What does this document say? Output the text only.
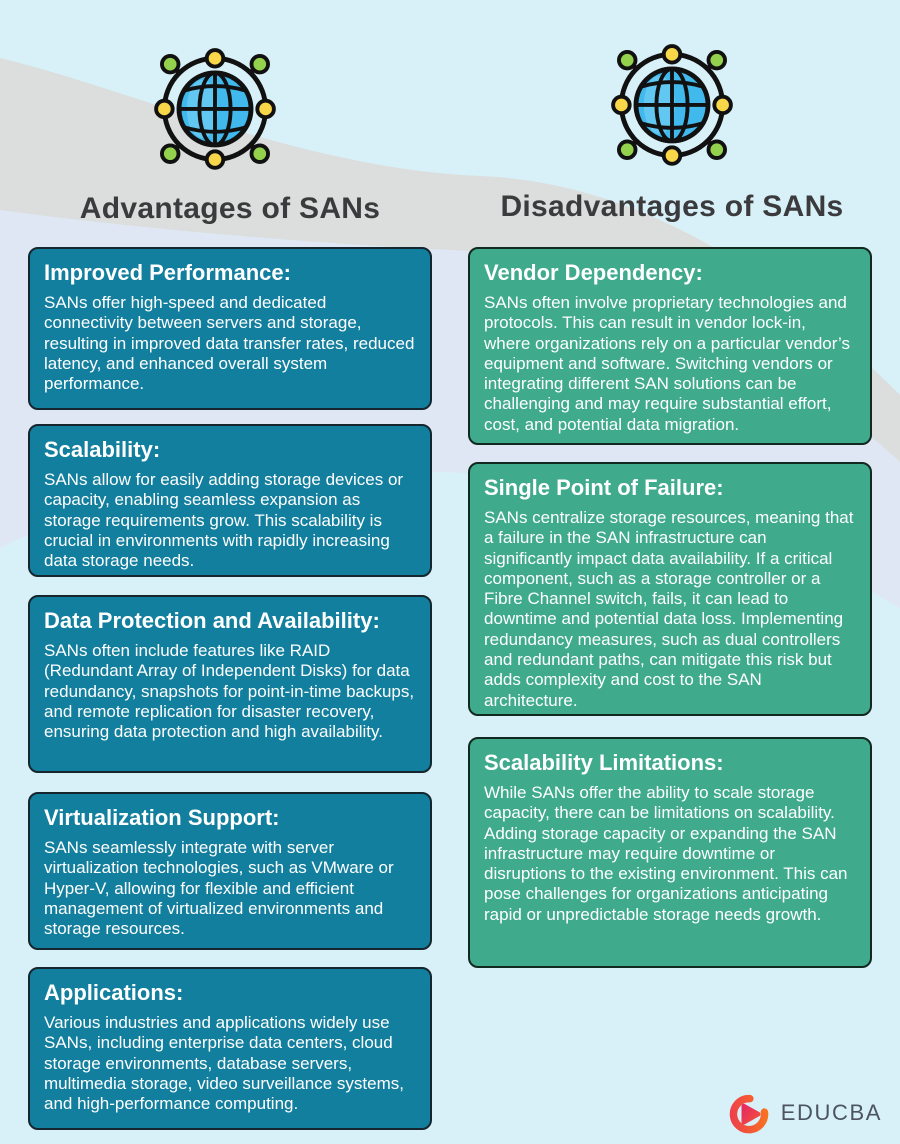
Advantages of SANs	Disadvantages of SANs
Improved Performance:

SANs offer high-speed and dedicated connectivity between servers and storage, resulting in improved data transfer rates, reduced latency, and enhanced overall system performance.

Scalability:

SANs allow for easily adding storage devices or capacity, enabling seamless expansion as storage requirements grow. This scalability is crucial in environments with rapidly increasing data storage needs.

Data Protection and Availability:

SANs often include features like RAID (Redundant Array of Independent Disks) for data redundancy, snapshots for point-in-time backups, and remote replication for disaster recovery, ensuring data protection and high availability.

Virtualization Support:

SANs seamlessly integrate with server virtualization technologies, such as VMware or Hyper-V, allowing for flexible and efficient management of virtualized environments and storage resources.

Applications:

Various industries and applications widely use SANs, including enterprise data centers, cloud storage environments, database servers, multimedia storage, video surveillance systems, and high-performance computing.

Vendor Dependency:

SANs often involve proprietary technologies and protocols. This can result in vendor lock-in, where organizations rely on a particular vendor’s equipment and software. Switching vendors or integrating different SAN solutions can be challenging and may require substantial effort, cost, and potential data migration.

Single Point of Failure:

SANs centralize storage resources, meaning that a failure in the SAN infrastructure can significantly impact data availability. If a critical component, such as a storage controller or a Fibre Channel switch, fails, it can lead to downtime and potential data loss. Implementing redundancy measures, such as dual controllers and redundant paths, can mitigate this risk but adds complexity and cost to the SAN architecture.

Scalability Limitations:

While SANs offer the ability to scale storage capacity, there can be limitations on scalability. Adding storage capacity or expanding the SAN infrastructure may require downtime or disruptions to the existing environment. This can pose challenges for organizations anticipating rapid or unpredictable storage needs growth.

EDUCBA
